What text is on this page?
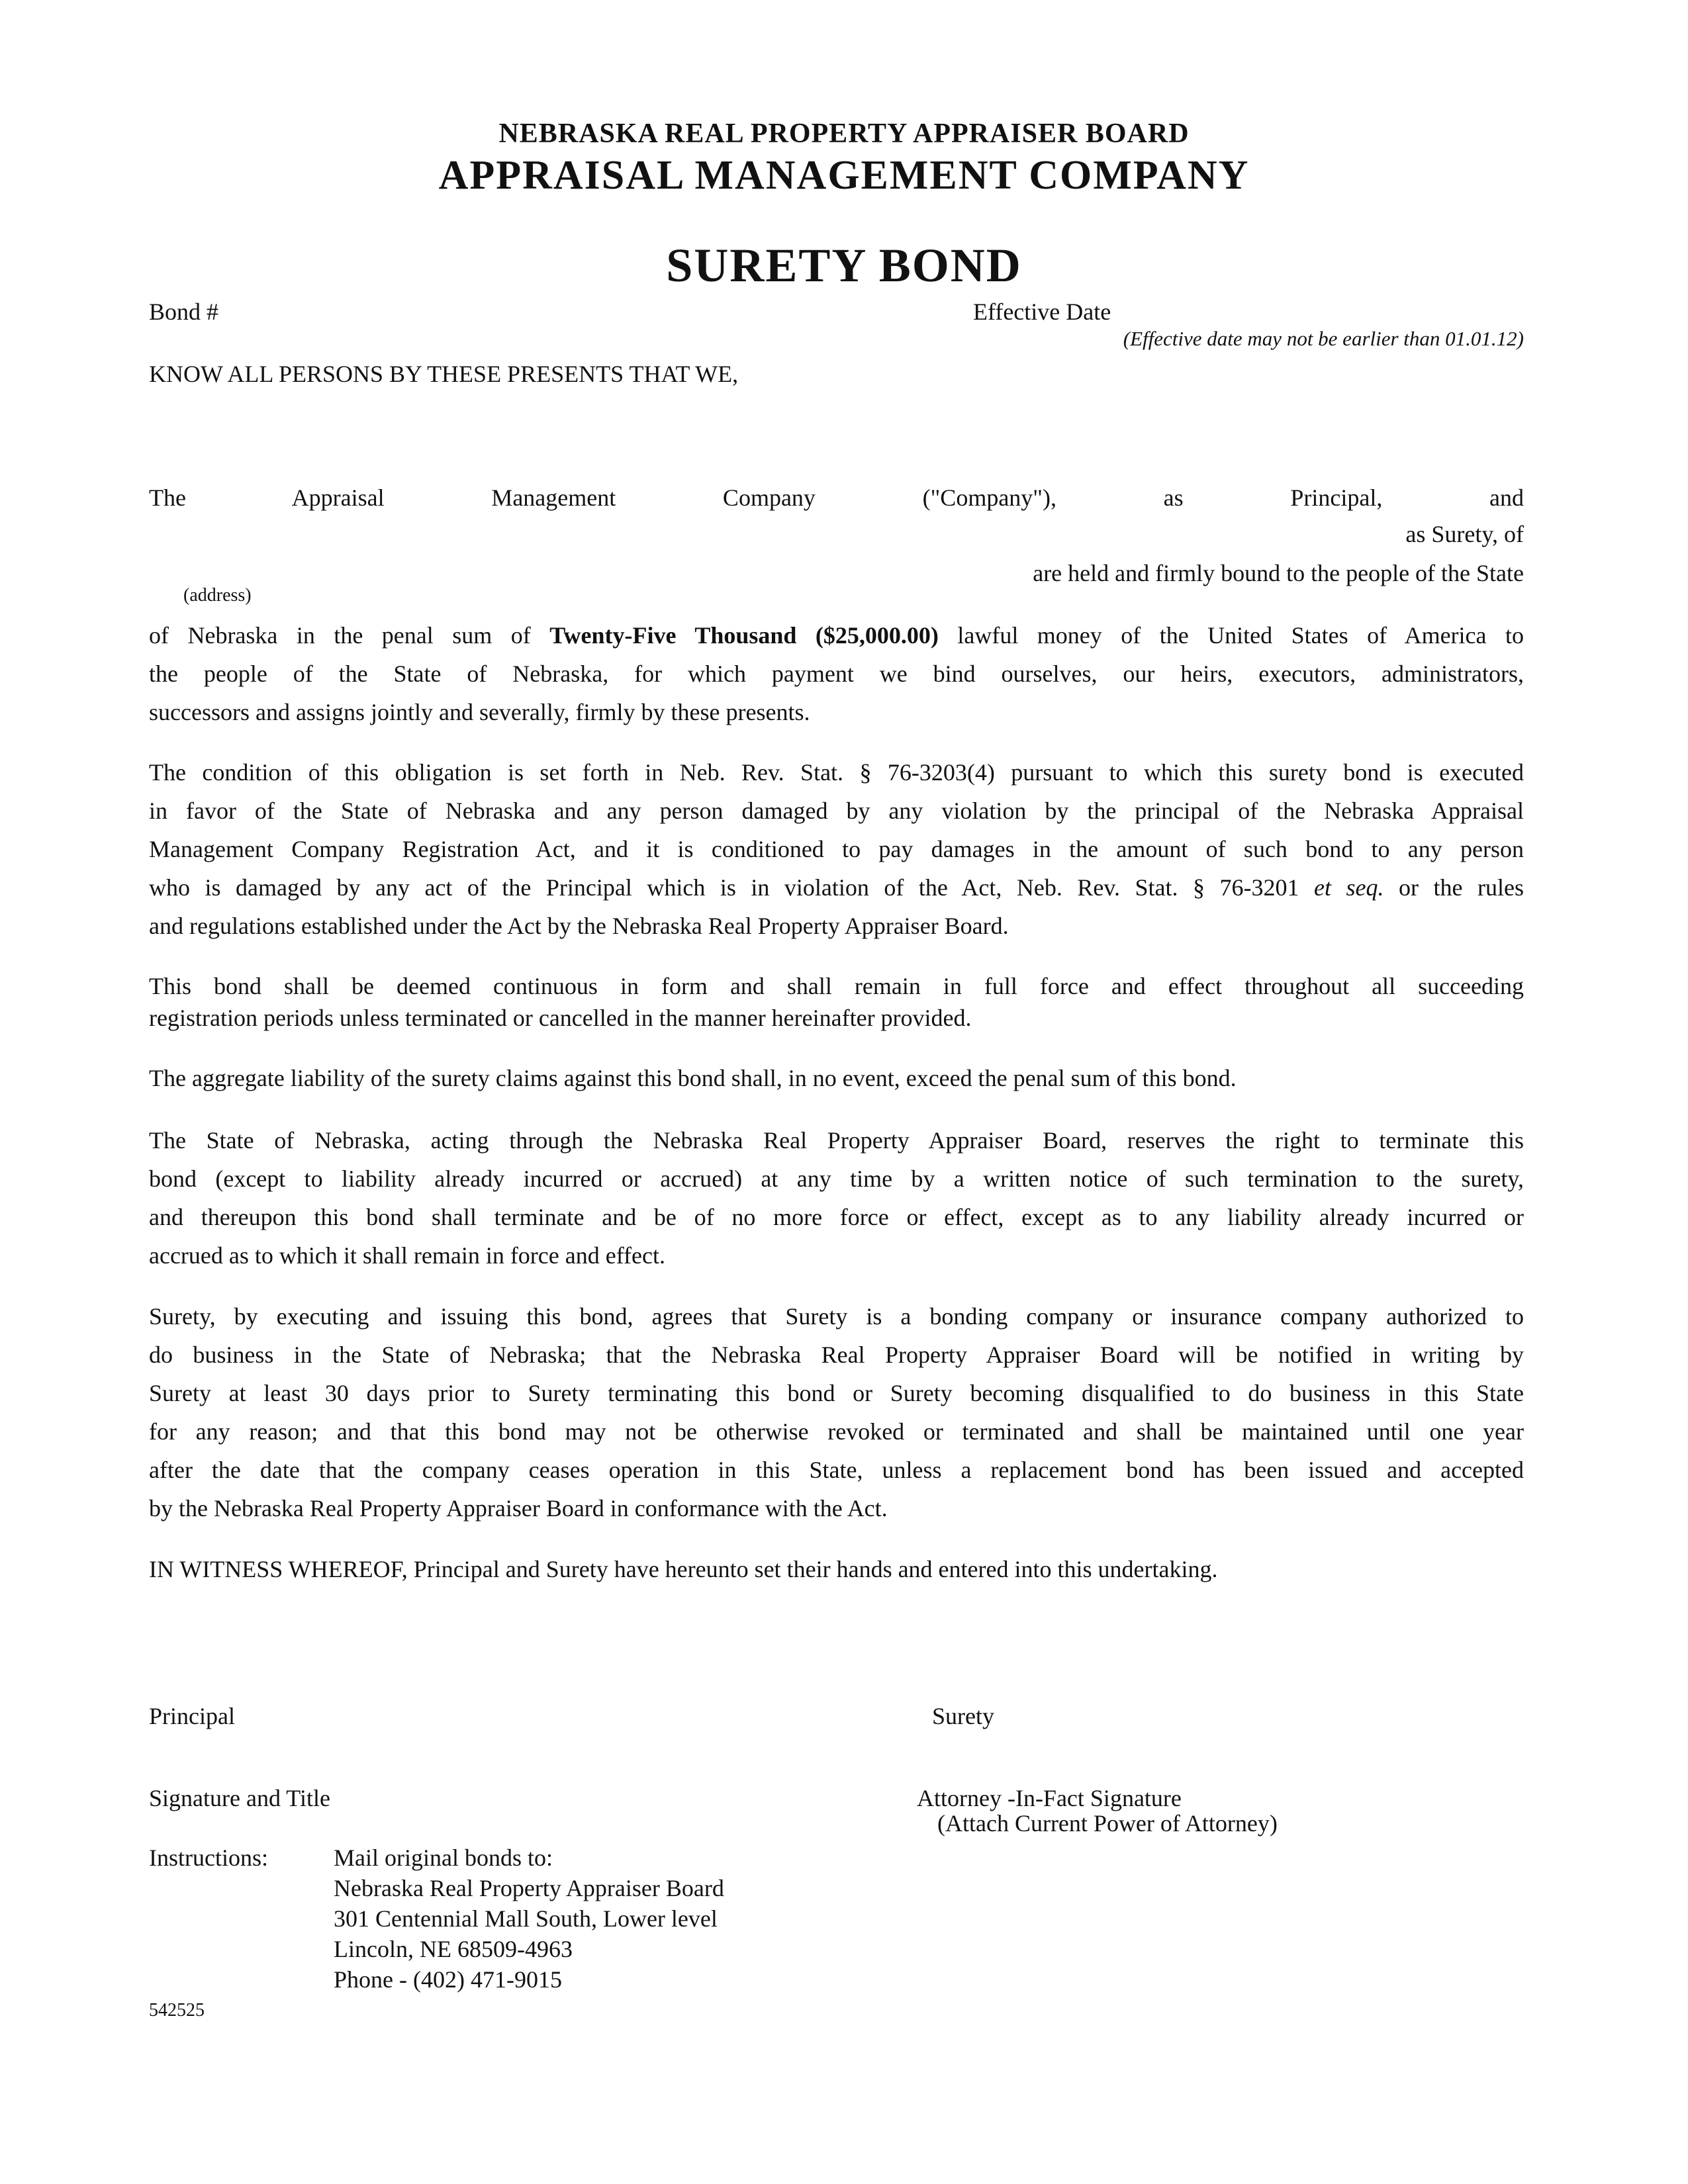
NEBRASKA REAL PROPERTY APPRAISER BOARD
APPRAISAL MANAGEMENT COMPANY
SURETY BOND
Bond #	Effective Date
(Effective date may not be earlier than 01.01.12)
KNOW ALL PERSONS BY THESE PRESENTS THAT WE,
The Appraisal Management Company ("Company"), as Principal, and
as Surety, of
are held and firmly bound to the people of the State
(address)
of Nebraska in the penal sum of Twenty-Five Thousand ($25,000.00) lawful money of the United States of America to
the people of the State of Nebraska, for which payment we bind ourselves, our heirs, executors, administrators,
successors and assigns jointly and severally, firmly by these presents.
The condition of this obligation is set forth in Neb. Rev. Stat. § 76-3203(4) pursuant to which this surety bond is executed
in favor of the State of Nebraska and any person damaged by any violation by the principal of the Nebraska Appraisal
Management Company Registration Act, and it is conditioned to pay damages in the amount of such bond to any person
who is damaged by any act of the Principal which is in violation of the Act, Neb. Rev. Stat. § 76-3201 et seq. or the rules
and regulations established under the Act by the Nebraska Real Property Appraiser Board.
This bond shall be deemed continuous in form and shall remain in full force and effect throughout all succeeding
registration periods unless terminated or cancelled in the manner hereinafter provided.
The aggregate liability of the surety claims against this bond shall, in no event, exceed the penal sum of this bond.
The State of Nebraska, acting through the Nebraska Real Property Appraiser Board, reserves the right to terminate this
bond (except to liability already incurred or accrued) at any time by a written notice of such termination to the surety,
and thereupon this bond shall terminate and be of no more force or effect, except as to any liability already incurred or
accrued as to which it shall remain in force and effect.
Surety, by executing and issuing this bond, agrees that Surety is a bonding company or insurance company authorized to
do business in the State of Nebraska; that the Nebraska Real Property Appraiser Board will be notified in writing by
Surety at least 30 days prior to Surety terminating this bond or Surety becoming disqualified to do business in this State
for any reason; and that this bond may not be otherwise revoked or terminated and shall be maintained until one year
after the date that the company ceases operation in this State, unless a replacement bond has been issued and accepted
by the Nebraska Real Property Appraiser Board in conformance with the Act.
IN WITNESS WHEREOF, Principal and Surety have hereunto set their hands and entered into this undertaking.
Principal	Surety
Signature and Title	Attorney -In-Fact Signature
(Attach Current Power of Attorney)
Instructions:	Mail original bonds to:
Nebraska Real Property Appraiser Board
301 Centennial Mall South, Lower level
Lincoln, NE 68509-4963
Phone - (402) 471-9015
542525
